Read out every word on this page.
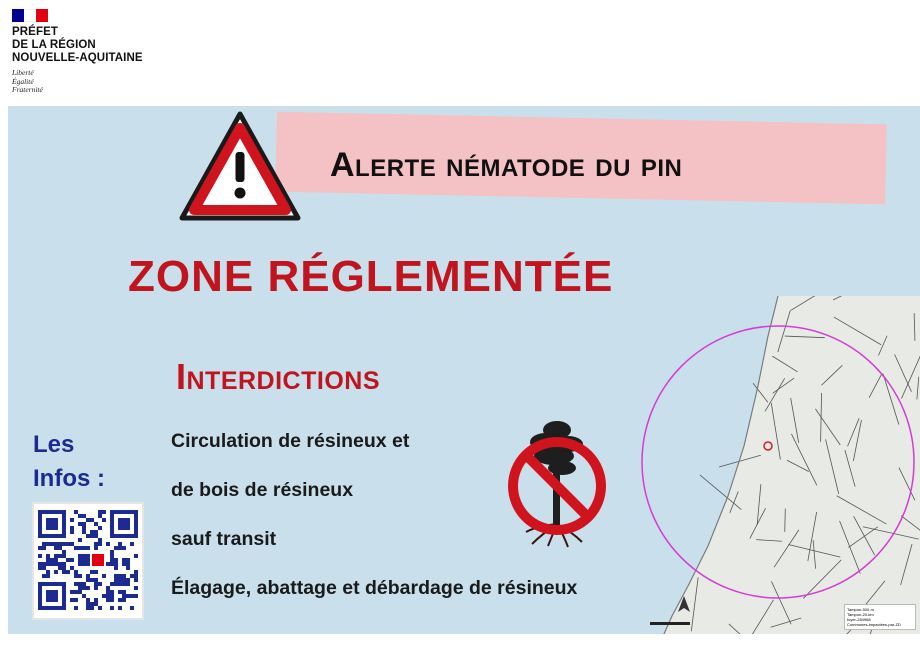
PRÉFET
DE LA RÉGION
NOUVELLE-AQUITAINE
Liberté
Égalité
Fraternité
Alerte nématode du pin
ZONE RÉGLEMENTÉE
Interdictions
Les
Infos :
Circulation de résineux et
de bois de résineux
sauf transit
Élagage, abattage et débardage de résineux
Tampon-500-m
Tampon-20-km
foyer-284968
Communes-impactées-par-ZD
